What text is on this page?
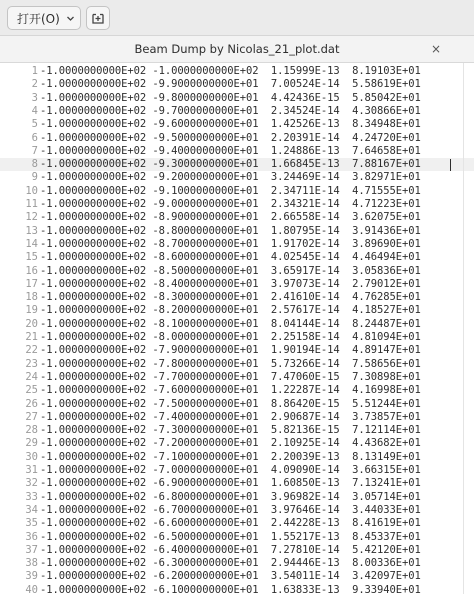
打开(O)
Beam Dump by Nicolas_21_plot.dat	×
1 -1.0000000000E+02 -1.0000000000E+02  1.15999E-13  8.19103E+01
2 -1.0000000000E+02 -9.9000000000E+01  7.00524E-14  5.58619E+01
3 -1.0000000000E+02 -9.8000000000E+01  4.42436E-15  5.85042E+01
4 -1.0000000000E+02 -9.7000000000E+01  2.34524E-14  4.30866E+01
5 -1.0000000000E+02 -9.6000000000E+01  1.42526E-13  8.34948E+01
6 -1.0000000000E+02 -9.5000000000E+01  2.20391E-14  4.24720E+01
7 -1.0000000000E+02 -9.4000000000E+01  1.24886E-13  7.64658E+01
8 -1.0000000000E+02 -9.3000000000E+01  1.66845E-13  7.88167E+01
9 -1.0000000000E+02 -9.2000000000E+01  3.24469E-14  3.82971E+01
10 -1.0000000000E+02 -9.1000000000E+01  2.34711E-14  4.71555E+01
11 -1.0000000000E+02 -9.0000000000E+01  2.34321E-14  4.71223E+01
12 -1.0000000000E+02 -8.9000000000E+01  2.66558E-14  3.62075E+01
13 -1.0000000000E+02 -8.8000000000E+01  1.80795E-14  3.91436E+01
14 -1.0000000000E+02 -8.7000000000E+01  1.91702E-14  3.89690E+01
15 -1.0000000000E+02 -8.6000000000E+01  4.02545E-14  4.46494E+01
16 -1.0000000000E+02 -8.5000000000E+01  3.65917E-14  3.05836E+01
17 -1.0000000000E+02 -8.4000000000E+01  3.97073E-14  2.79012E+01
18 -1.0000000000E+02 -8.3000000000E+01  2.41610E-14  4.76285E+01
19 -1.0000000000E+02 -8.2000000000E+01  2.57617E-14  4.18527E+01
20 -1.0000000000E+02 -8.1000000000E+01  8.04144E-14  8.24487E+01
21 -1.0000000000E+02 -8.0000000000E+01  2.25158E-14  4.81094E+01
22 -1.0000000000E+02 -7.9000000000E+01  1.90194E-14  4.89147E+01
23 -1.0000000000E+02 -7.8000000000E+01  5.73266E-14  7.58656E+01
24 -1.0000000000E+02 -7.7000000000E+01  7.47060E-15  7.30898E+01
25 -1.0000000000E+02 -7.6000000000E+01  1.22287E-14  4.16998E+01
26 -1.0000000000E+02 -7.5000000000E+01  8.86420E-15  5.51244E+01
27 -1.0000000000E+02 -7.4000000000E+01  2.90687E-14  3.73857E+01
28 -1.0000000000E+02 -7.3000000000E+01  5.82136E-15  7.12114E+01
29 -1.0000000000E+02 -7.2000000000E+01  2.10925E-14  4.43682E+01
30 -1.0000000000E+02 -7.1000000000E+01  2.20039E-13  8.13149E+01
31 -1.0000000000E+02 -7.0000000000E+01  4.09090E-14  3.66315E+01
32 -1.0000000000E+02 -6.9000000000E+01  1.60850E-13  7.13241E+01
33 -1.0000000000E+02 -6.8000000000E+01  3.96982E-14  3.05714E+01
34 -1.0000000000E+02 -6.7000000000E+01  3.97646E-14  3.44033E+01
35 -1.0000000000E+02 -6.6000000000E+01  2.44228E-13  8.41619E+01
36 -1.0000000000E+02 -6.5000000000E+01  1.55217E-13  8.45337E+01
37 -1.0000000000E+02 -6.4000000000E+01  7.27810E-14  5.42120E+01
38 -1.0000000000E+02 -6.3000000000E+01  2.94446E-13  8.00336E+01
39 -1.0000000000E+02 -6.2000000000E+01  3.54011E-14  3.42097E+01
40 -1.0000000000E+02 -6.1000000000E+01  1.63833E-13  9.33940E+01
